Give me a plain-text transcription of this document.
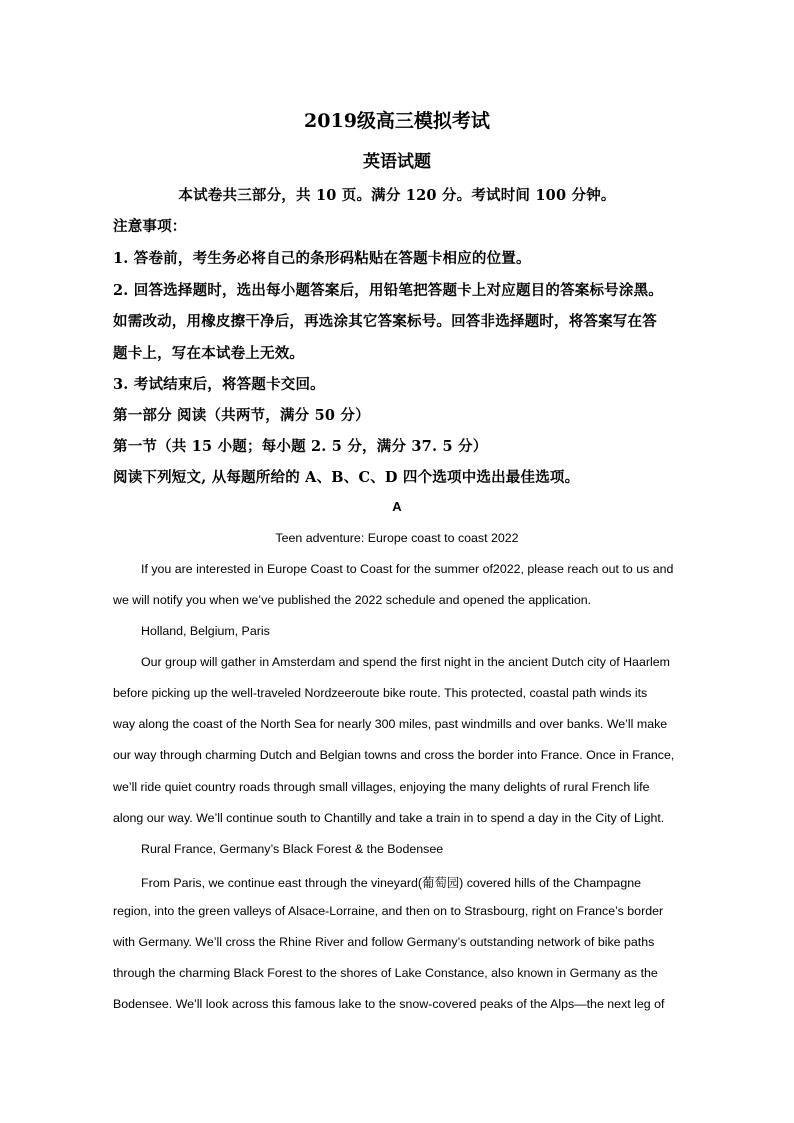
2019级高三模拟考试
英语试题
本试卷共三部分，共 10 页。满分 120 分。考试时间 100 分钟。
注意事项：
1. 答卷前，考生务必将自己的条形码粘贴在答题卡相应的位置。
2. 回答选择题时，选出每小题答案后，用铅笔把答题卡上对应题目的答案标号涂黑。
如需改动，用橡皮擦干净后，再选涂其它答案标号。回答非选择题时，将答案写在答
题卡上，写在本试卷上无效。
3. 考试结束后，将答题卡交回。
第一部分 阅读（共两节，满分 50 分）
第一节（共 15 小题；每小题 2. 5 分，满分 37. 5 分）
阅读下列短文, 从每题所给的 A、B、C、D 四个选项中选出最佳选项。
A
Teen adventure: Europe coast to coast 2022
If you are interested in Europe Coast to Coast for the summer of2022, please reach out to us and
we will notify you when we’ve published the 2022 schedule and opened the application.
Holland, Belgium, Paris
Our group will gather in Amsterdam and spend the first night in the ancient Dutch city of Haarlem
before picking up the well-traveled Nordzeeroute bike route. This protected, coastal path winds its
way along the coast of the North Sea for nearly 300 miles, past windmills and over banks. We’ll make
our way through charming Dutch and Belgian towns and cross the border into France. Once in France,
we’ll ride quiet country roads through small villages, enjoying the many delights of rural French life
along our way. We’ll continue south to Chantilly and take a train in to spend a day in the City of Light.
Rural France, Germany’s Black Forest & the Bodensee
From Paris, we continue east through the vineyard(葡萄园) covered hills of the Champagne
region, into the green valleys of Alsace-Lorraine, and then on to Strasbourg, right on France’s border
with Germany. We’ll cross the Rhine River and follow Germany’s outstanding network of bike paths
through the charming Black Forest to the shores of Lake Constance, also known in Germany as the
Bodensee. We’ll look across this famous lake to the snow-covered peaks of the Alps—the next leg of
